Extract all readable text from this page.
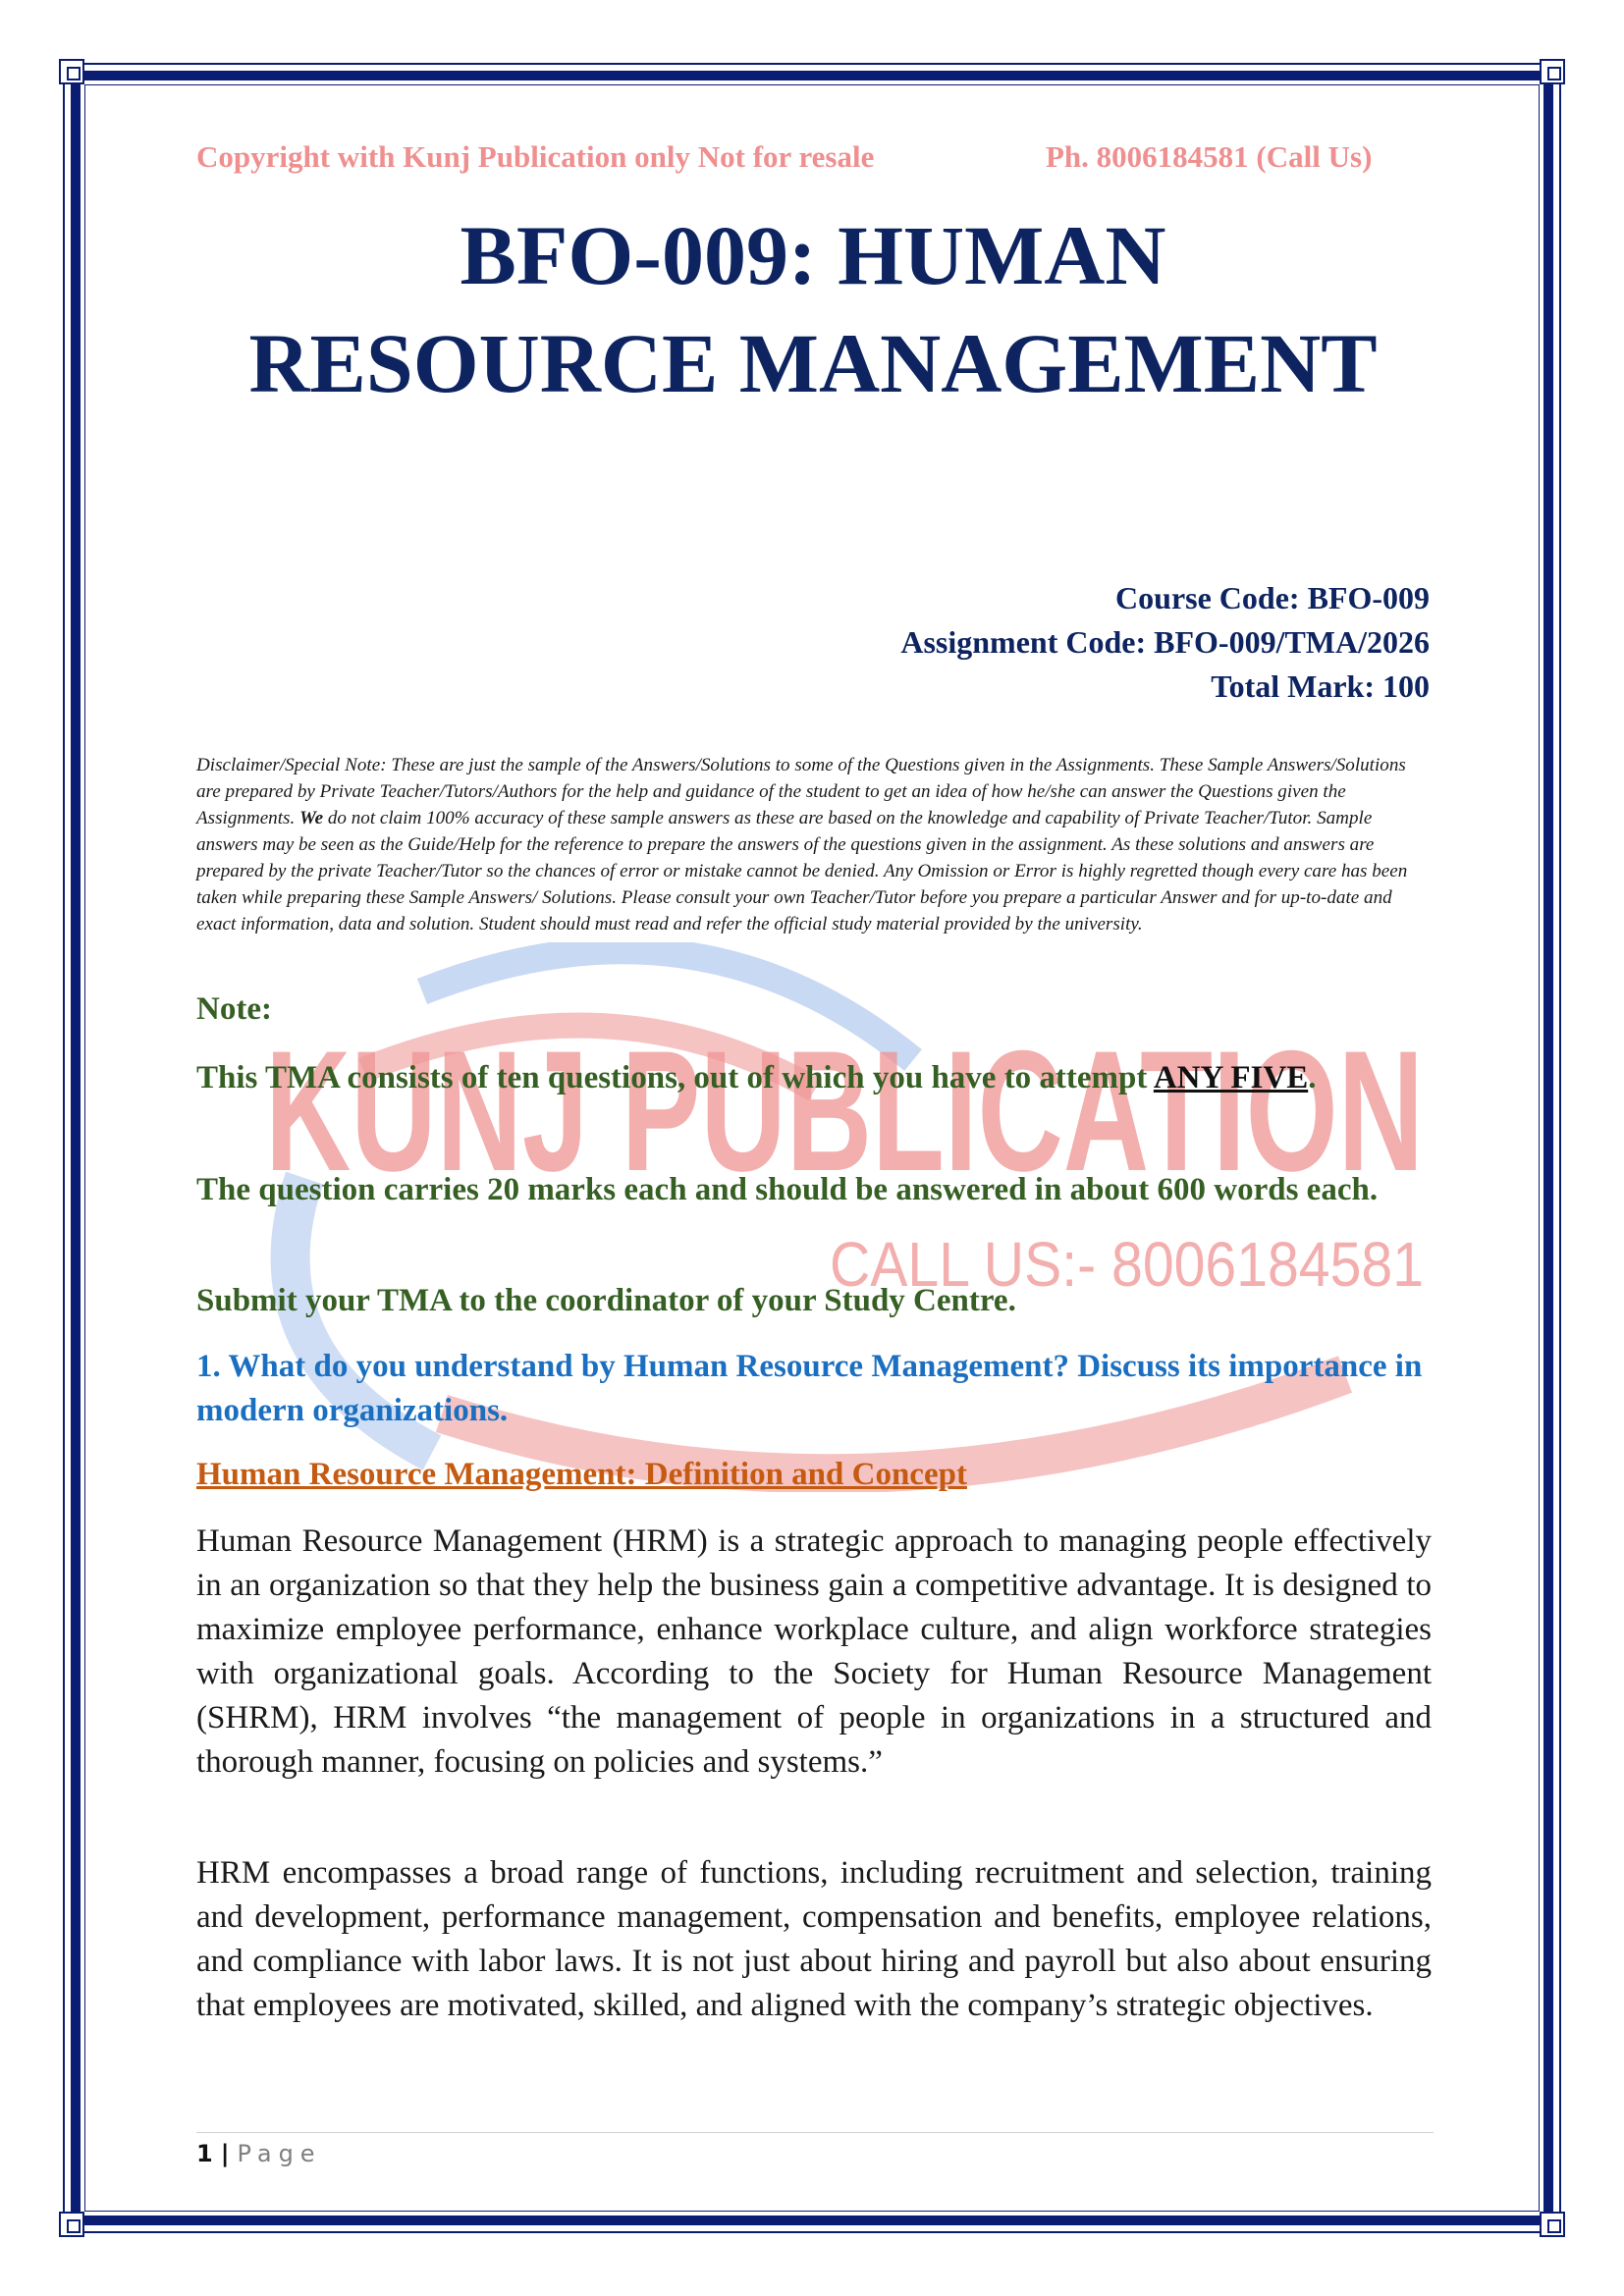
KUNJ PUBLICATION
CALL US:- 8006184581
Copyright with Kunj Publication only Not for resale	Ph. 8006184581 (Call Us)
BFO-009: HUMAN
RESOURCE MANAGEMENT
Course Code: BFO-009
Assignment Code: BFO-009/TMA/2026
Total Mark: 100
Disclaimer/Special Note: These are just the sample of the Answers/Solutions to some of the Questions given in the Assignments. These Sample Answers/Solutions are prepared by Private Teacher/Tutors/Authors for the help and guidance of the student to get an idea of how he/she can answer the Questions given the Assignments. We do not claim 100% accuracy of these sample answers as these are based on the knowledge and capability of Private Teacher/Tutor. Sample answers may be seen as the Guide/Help for the reference to prepare the answers of the questions given in the assignment. As these solutions and answers are prepared by the private Teacher/Tutor so the chances of error or mistake cannot be denied. Any Omission or Error is highly regretted though every care has been taken while preparing these Sample Answers/ Solutions. Please consult your own Teacher/Tutor before you prepare a particular Answer and for up-to-date and exact information, data and solution. Student should must read and refer the official study material provided by the university.
Note:
This TMA consists of ten questions, out of which you have to attempt ANY FIVE.
The question carries 20 marks each and should be answered in about 600 words each.
Submit your TMA to the coordinator of your Study Centre.
1. What do you understand by Human Resource Management? Discuss its importance in modern organizations.
Human Resource Management: Definition and Concept
Human Resource Management (HRM) is a strategic approach to managing people effectively in an organization so that they help the business gain a competitive advantage. It is designed to maximize employee performance, enhance workplace culture, and align workforce strategies with organizational goals. According to the Society for Human Resource Management (SHRM), HRM involves “the management of people in organizations in a structured and thorough manner, focusing on policies and systems.”
HRM encompasses a broad range of functions, including recruitment and selection, training and development, performance management, compensation and benefits, employee relations, and compliance with labor laws. It is not just about hiring and payroll but also about ensuring that employees are motivated, skilled, and aligned with the company’s strategic objectives.
1 | Page
